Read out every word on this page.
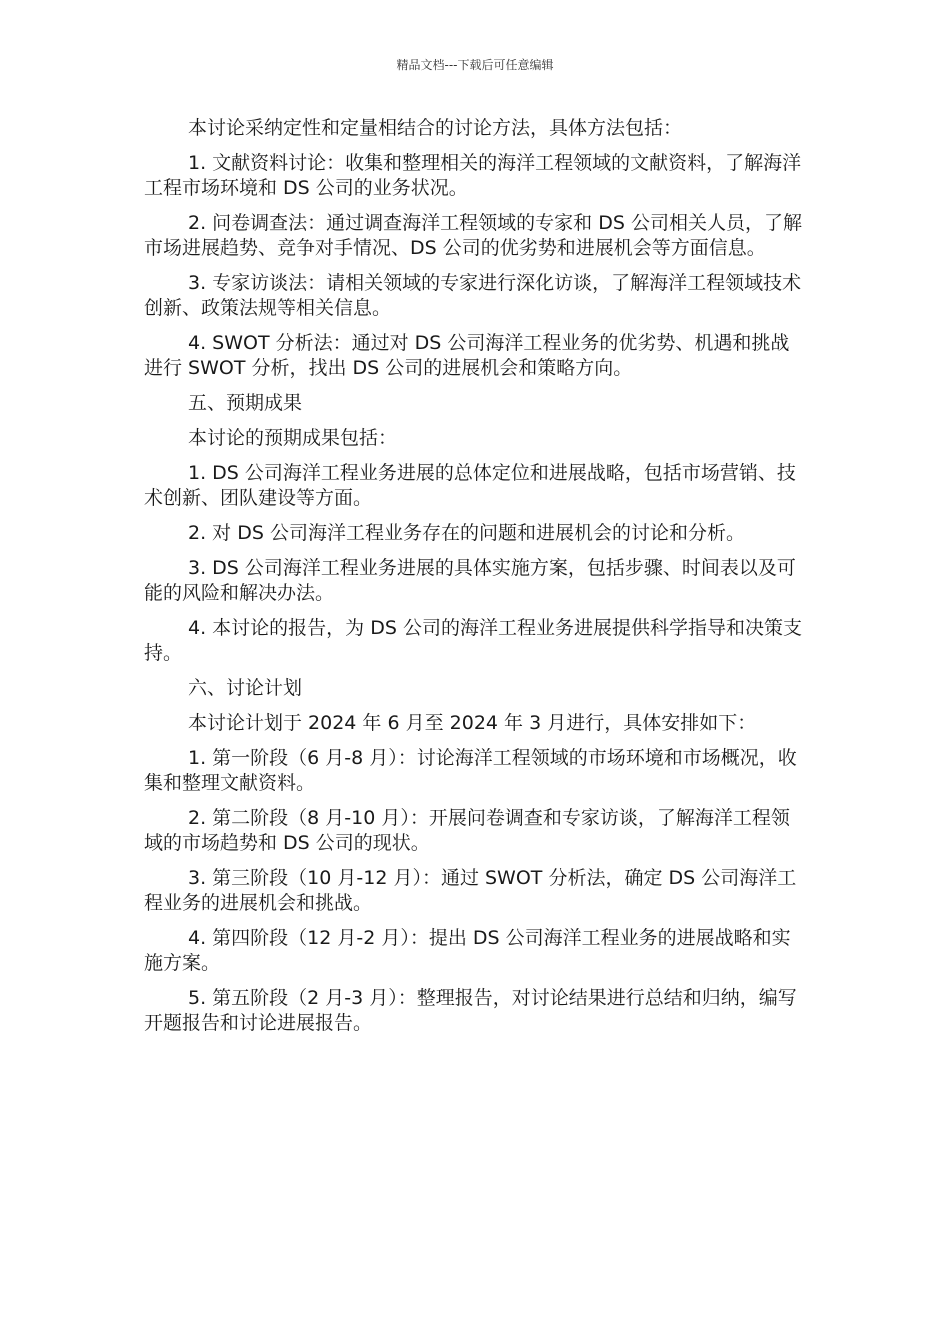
精品文档---下载后可任意编辑

本讨论采纳定性和定量相结合的讨论方法，具体方法包括：

1. 文献资料讨论：收集和整理相关的海洋工程领域的文献资料，了解海洋工程市场环境和 DS 公司的业务状况。

2. 问卷调查法：通过调查海洋工程领域的专家和 DS 公司相关人员，了解市场进展趋势、竞争对手情况、DS 公司的优劣势和进展机会等方面信息。

3. 专家访谈法：请相关领域的专家进行深化访谈，了解海洋工程领域技术创新、政策法规等相关信息。

4. SWOT 分析法：通过对 DS 公司海洋工程业务的优劣势、机遇和挑战进行 SWOT 分析，找出 DS 公司的进展机会和策略方向。

五、预期成果

本讨论的预期成果包括：

1. DS 公司海洋工程业务进展的总体定位和进展战略，包括市场营销、技术创新、团队建设等方面。

2. 对 DS 公司海洋工程业务存在的问题和进展机会的讨论和分析。

3. DS 公司海洋工程业务进展的具体实施方案，包括步骤、时间表以及可能的风险和解决办法。

4. 本讨论的报告，为 DS 公司的海洋工程业务进展提供科学指导和决策支持。

六、讨论计划

本讨论计划于 2024 年 6 月至 2024 年 3 月进行，具体安排如下：

1. 第一阶段（6 月-8 月）：讨论海洋工程领域的市场环境和市场概况，收集和整理文献资料。

2. 第二阶段（8 月-10 月）：开展问卷调查和专家访谈，了解海洋工程领域的市场趋势和 DS 公司的现状。

3. 第三阶段（10 月-12 月）：通过 SWOT 分析法，确定 DS 公司海洋工程业务的进展机会和挑战。

4. 第四阶段（12 月-2 月）：提出 DS 公司海洋工程业务的进展战略和实施方案。

5. 第五阶段（2 月-3 月）：整理报告，对讨论结果进行总结和归纳，编写开题报告和讨论进展报告。
